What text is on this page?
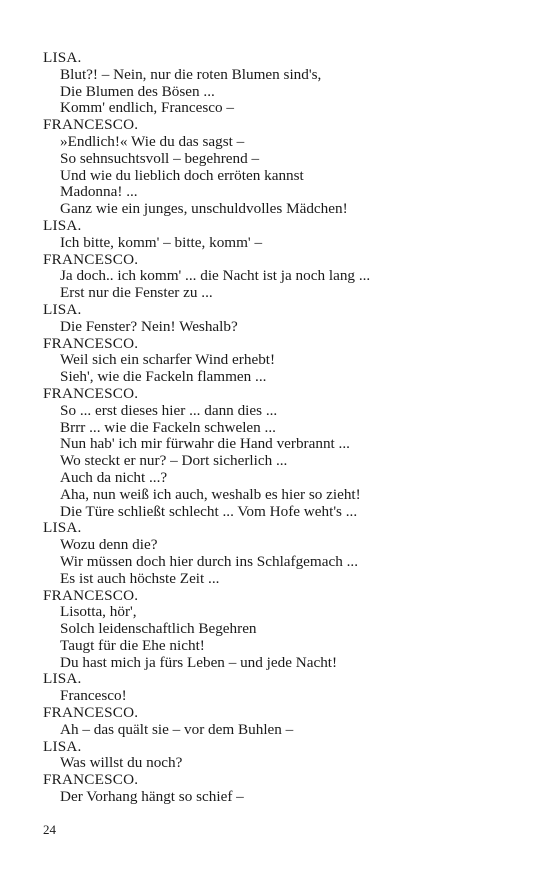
LISA.
Blut?! – Nein, nur die roten Blumen sind's,
Die Blumen des Bösen ...
Komm' endlich, Francesco –
FRANCESCO.
»Endlich!« Wie du das sagst –
So sehnsuchtsvoll – begehrend –
Und wie du lieblich doch erröten kannst
Madonna! ...
Ganz wie ein junges, unschuldvolles Mädchen!
LISA.
Ich bitte, komm' – bitte, komm' –
FRANCESCO.
Ja doch.. ich komm' ... die Nacht ist ja noch lang ...
Erst nur die Fenster zu ...
LISA.
Die Fenster? Nein! Weshalb?
FRANCESCO.
Weil sich ein scharfer Wind erhebt!
Sieh', wie die Fackeln flammen ...
FRANCESCO.
So ... erst dieses hier ... dann dies ...
Brrr ... wie die Fackeln schwelen ...
Nun hab' ich mir fürwahr die Hand verbrannt ...
Wo steckt er nur? – Dort sicherlich ...
Auch da nicht ...?
Aha, nun weiß ich auch, weshalb es hier so zieht!
Die Türe schließt schlecht ... Vom Hofe weht's ...
LISA.
Wozu denn die?
Wir müssen doch hier durch ins Schlafgemach ...
Es ist auch höchste Zeit ...
FRANCESCO.
Lisotta, hör',
Solch leidenschaftlich Begehren
Taugt für die Ehe nicht!
Du hast mich ja fürs Leben – und jede Nacht!
LISA.
Francesco!
FRANCESCO.
Ah – das quält sie – vor dem Buhlen –
LISA.
Was willst du noch?
FRANCESCO.
Der Vorhang hängt so schief –
24
